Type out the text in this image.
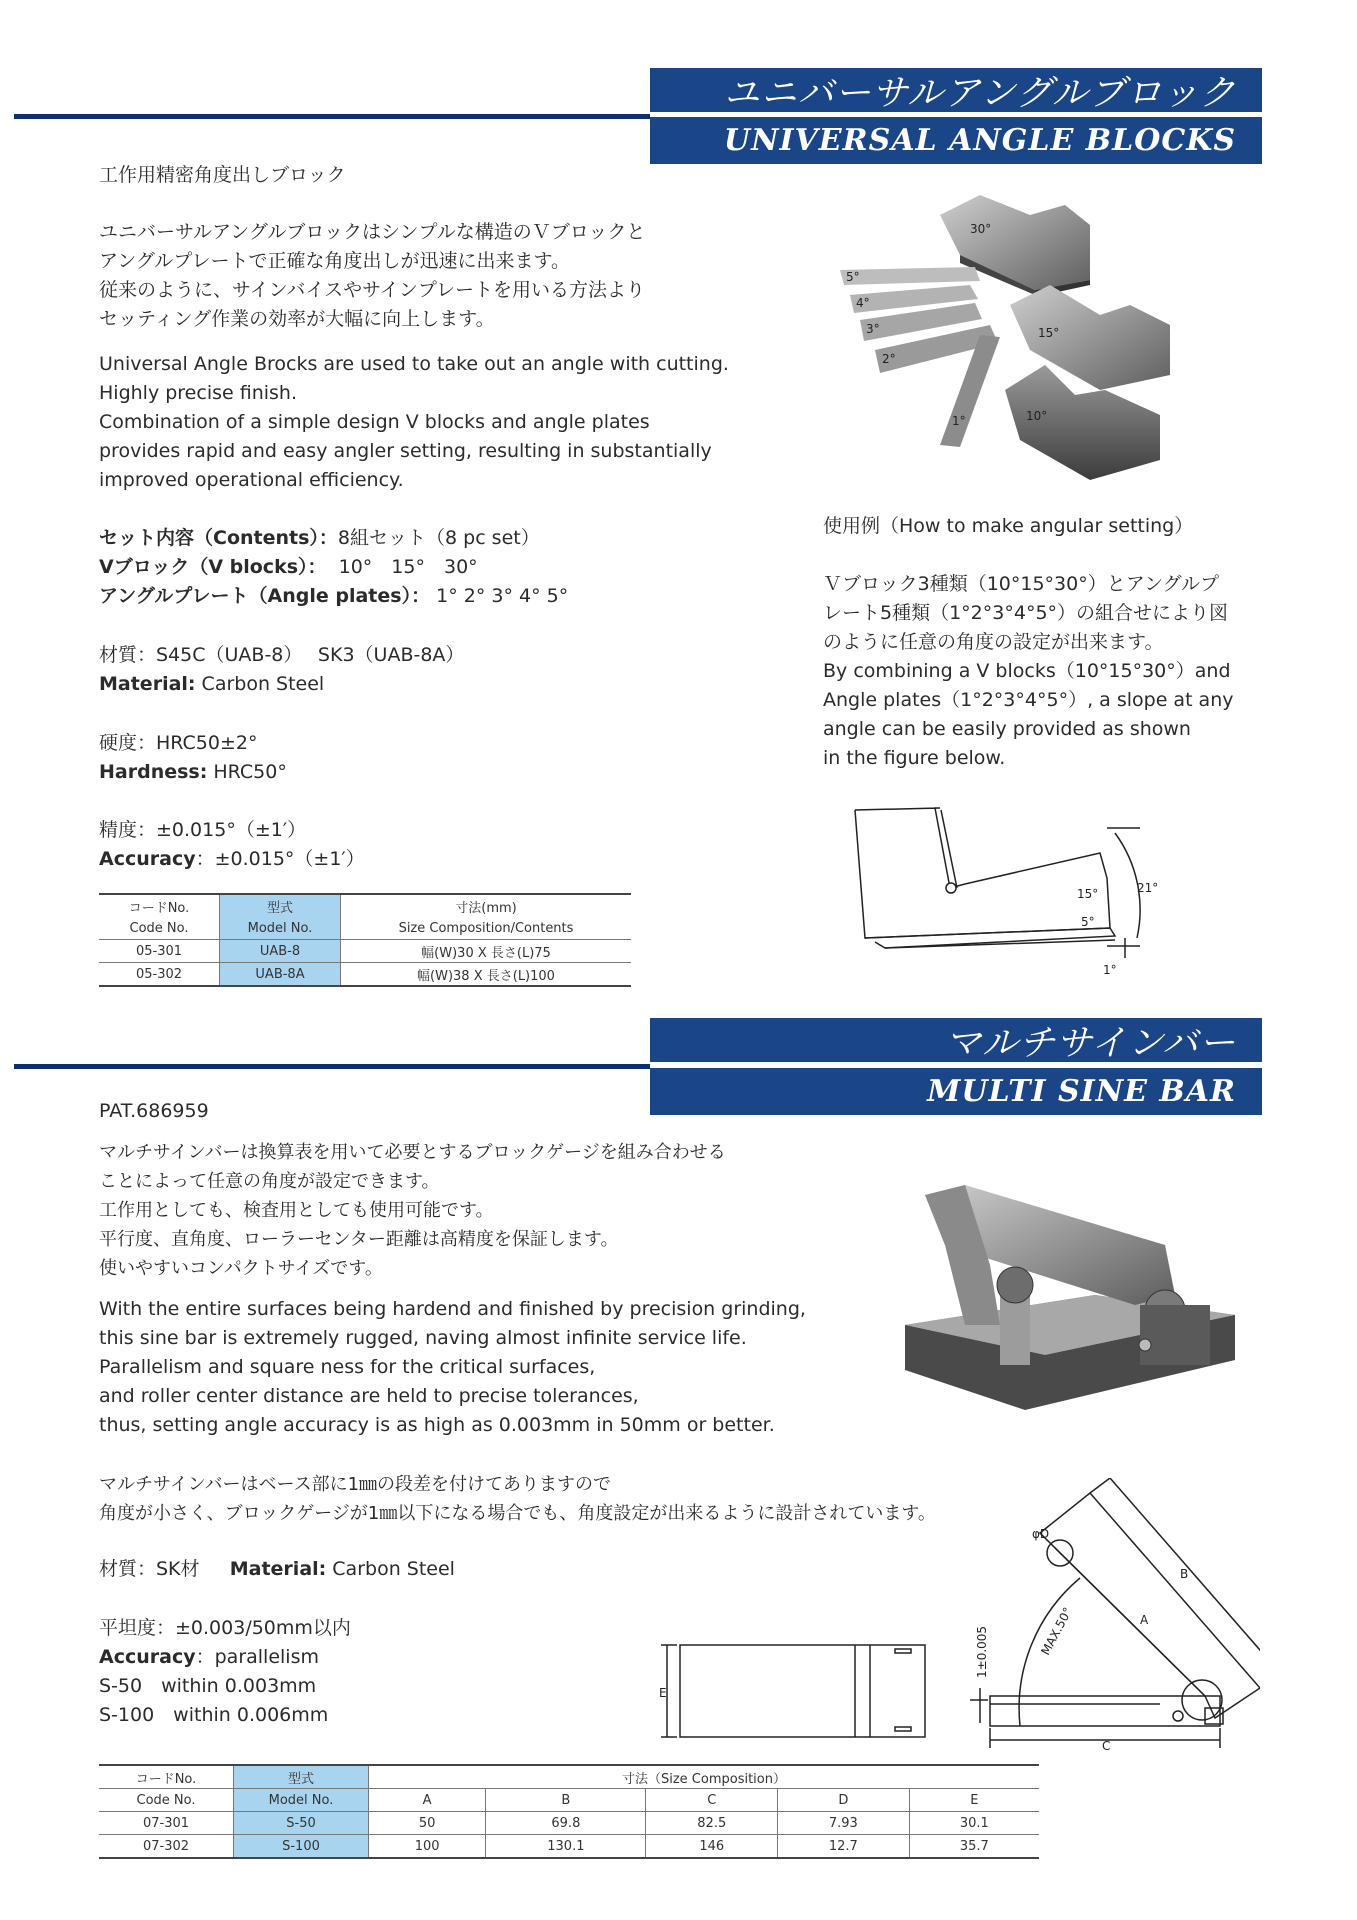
ユニバーサルアングルブロック
UNIVERSAL ANGLE BLOCKS
工作用精密角度出しブロック

ユニバーサルアングルブロックはシンプルな構造のＶブロックと

アングルプレートで正確な角度出しが迅速に出来ます。

従来のように、サインバイスやサインプレートを用いる方法より

セッティング作業の効率が大幅に向上します。

Universal Angle Brocks are used to take out an angle with cutting.

Highly precise finish.

Combination of a simple design V blocks and angle plates

provides rapid and easy angler setting, resulting in substantially

improved operational efficiency.

セット内容（Contents）：8組セット（8 pc set）

Vブロック（V blocks）： 10°　15°　30°

アングルプレート（Angle plates）： 1° 2° 3° 4° 5°

材質：S45C（UAB-8）　 SK3（UAB-8A）

Material: Carbon Steel

硬度：HRC50±2°

Hardness: HRC50°

精度：±0.015°（±1′）

Accuracy：±0.015°（±1′）

30°
5°
4°
3°
2°
1°
15°
10°
使用例（How to make angular setting）

Ｖブロック3種類（10°15°30°）とアングルプ

レート5種類（1°2°3°4°5°）の組合せにより図

のように任意の角度の設定が出来ます。

By combining a V blocks（10°15°30°）and

Angle plates（1°2°3°4°5°）, a slope at any

angle can be easily provided as shown

in the figure below.

21°
15°
5°
1°
コードNo.	型式	寸法(mm)
Code No.	Model No.	Size Composition/Contents
05-301	UAB-8	幅(W)30 X 長さ(L)75
05-302	UAB-8A	幅(W)38 X 長さ(L)100
マルチサインバー
MULTI SINE BAR
PAT.686959

マルチサインバーは換算表を用いて必要とするブロックゲージを組み合わせる

ことによって任意の角度が設定できます。

工作用としても、検査用としても使用可能です。

平行度、直角度、ローラーセンター距離は高精度を保証します。

使いやすいコンパクトサイズです。

With the entire surfaces being hardend and finished by precision grinding,

this sine bar is extremely rugged, naving almost infinite service life.

Parallelism and square ness for the critical surfaces,

and roller center distance are held to precise tolerances,

thus, setting angle accuracy is as high as 0.003mm in 50mm or better.

マルチサインバーはベース部に1㎜の段差を付けてありますので

角度が小さく、ブロックゲージが1㎜以下になる場合でも、角度設定が出来るように設計されています。

材質：SK材 Material: Carbon Steel

平坦度：±0.003/50mm以内

Accuracy：parallelism

S-50　within 0.003mm

S-100　within 0.006mm

E
φD
B
A
C
MAX.50°
1±0.005
コードNo.	型式	寸法（Size Composition）				
Code No.	Model No.	A	B	C	D	E
07-301	S-50	50	69.8	82.5	7.93	30.1
07-302	S-100	100	130.1	146	12.7	35.7
